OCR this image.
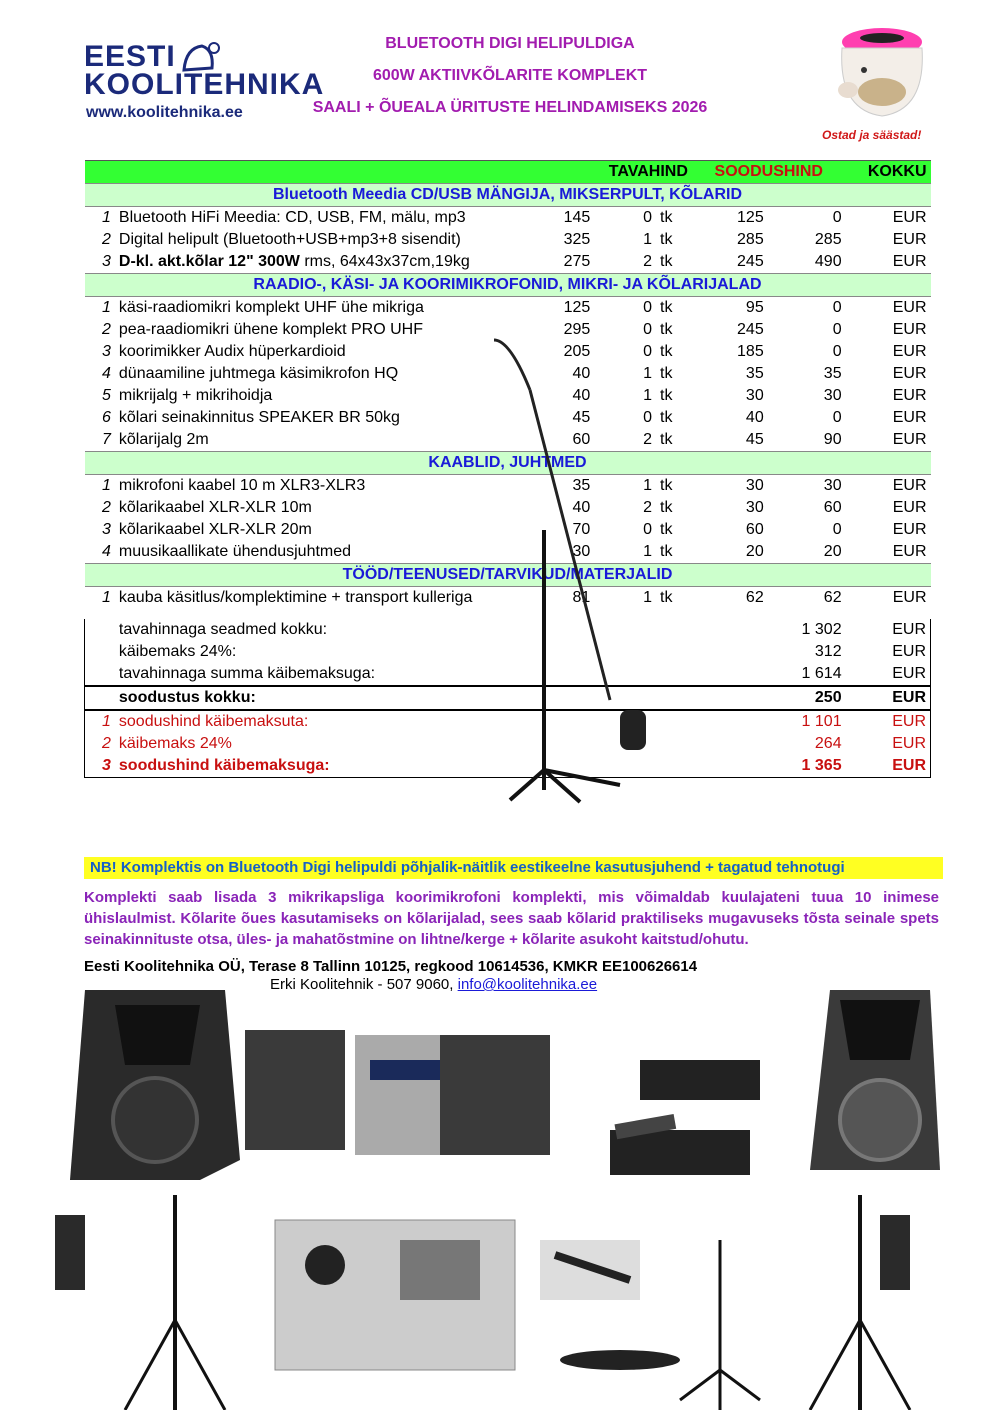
EESTI
KOOLITEHNIKA
www.koolitehnika.ee
BLUETOOTH DIGI HELIPULDIGA
600W AKTIIVKÕLARITE KOMPLEKT
SAALI + ÕUEALA ÜRITUSTE HELINDAMISEKS 2026
Ostad ja säästad!
		TAVAHIND			SOODUSHIND		KOKKU
Bluetooth Meedia CD/USB MÄNGIJA, MIKSERPULT, KÕLARID							
1	Bluetooth HiFi Meedia: CD, USB, FM, mälu, mp3	145	0	tk	125	0	EUR
2	Digital helipult (Bluetooth+USB+mp3+8 sisendit)	325	1	tk	285	285	EUR
3	D-kl. akt.kõlar 12" 300W rms, 64x43x37cm,19kg	275	2	tk	245	490	EUR
RAADIO-, KÄSI- JA KOORIMIKROFONID, MIKRI- JA KÕLARIJALAD							
1	käsi-raadiomikri komplekt UHF ühe mikriga	125	0	tk	95	0	EUR
2	pea-raadiomikri ühene komplekt PRO UHF	295	0	tk	245	0	EUR
3	koorimikker Audix hüperkardioid	205	0	tk	185	0	EUR
4	dünaamiline juhtmega käsimikrofon HQ	40	1	tk	35	35	EUR
5	mikrijalg + mikrihoidja	40	1	tk	30	30	EUR
6	kõlari seinakinnitus SPEAKER BR 50kg	45	0	tk	40	0	EUR
7	kõlarijalg 2m	60	2	tk	45	90	EUR
KAABLID, JUHTMED							
1	mikrofoni kaabel 10 m XLR3-XLR3	35	1	tk	30	30	EUR
2	kõlarikaabel XLR-XLR 10m	40	2	tk	30	60	EUR
3	kõlarikaabel XLR-XLR 20m	70	0	tk	60	0	EUR
4	muusikaallikate ühendusjuhtmed	30	1	tk	20	20	EUR
TÖÖD/TEENUSED/TARVIKUD/MATERJALID							
1	kauba käsitlus/komplektimine + transport kulleriga	81	1	tk	62	62	EUR

	tavahinnaga seadmed kokku:					1 302	EUR
	käibemaks 24%:					312	EUR
	tavahinnaga summa käibemaksuga:					1 614	EUR
	soodustus kokku:					250	EUR
1	soodushind käibemaksuta:					1 101	EUR
2	käibemaks 24%					264	EUR
3	soodushind käibemaksuga:					1 365	EUR
NB! Komplektis on Bluetooth Digi helipuldi põhjalik-näitlik eestikeelne kasutusjuhend + tagatud tehnotugi
Komplekti saab lisada 3 mikrikapsliga koorimikrofoni komplekti, mis võimaldab kuulajateni tuua 10 inimese ühislaulmist. Kõlarite õues kasutamiseks on kõlarijalad, sees saab kõlarid praktiliseks mugavuseks tõsta seinale spets seinakinnituste otsa, üles- ja mahatõstmine on lihtne/kerge + kõlarite asukoht kaitstud/ohutu.
Eesti Koolitehnika OÜ, Terase 8 Tallinn 10125, regkood 10614536, KMKR EE100626614
Erki Koolitehnik - 507 9060, info@koolitehnika.ee
